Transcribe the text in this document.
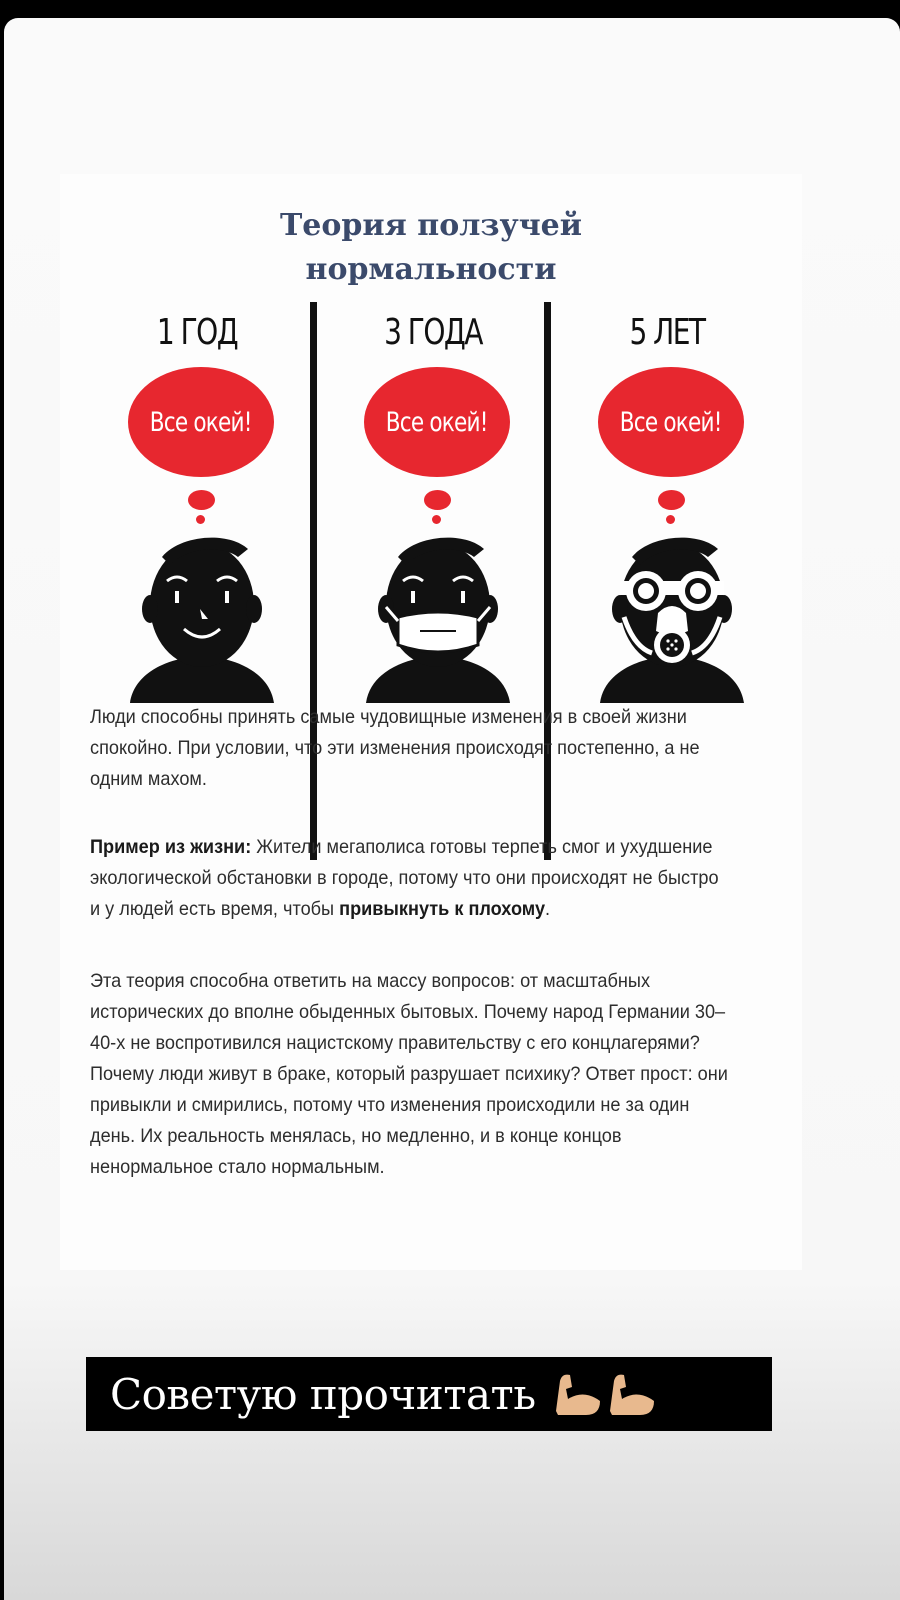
Теория ползучей
нормальности
1 ГОД
Все окей!
3 ГОДА
Все окей!
5 ЛЕТ
Все окей!

Люди способны принять самые чудовищные изменения в своей жизни спокойно. При условии, что эти изменения происходят постепенно, а не одним махом.

Пример из жизни: Жители мегаполиса готовы терпеть смог и ухудшение экологической обстановки в городе, потому что они происходят не быстро и у людей есть время, чтобы привыкнуть к плохому.

Эта теория способна ответить на массу вопросов: от масштабных исторических до вполне обыденных бытовых. Почему народ Германии 30–40-х не воспротивился нацистскому правительству с его концлагерями? Почему люди живут в браке, который разрушает психику? Ответ прост: они привыкли и смирились, потому что изменения происходили не за один день. Их реальность менялась, но медленно, и в конце концов ненормальное стало нормальным.

Советую прочитать
